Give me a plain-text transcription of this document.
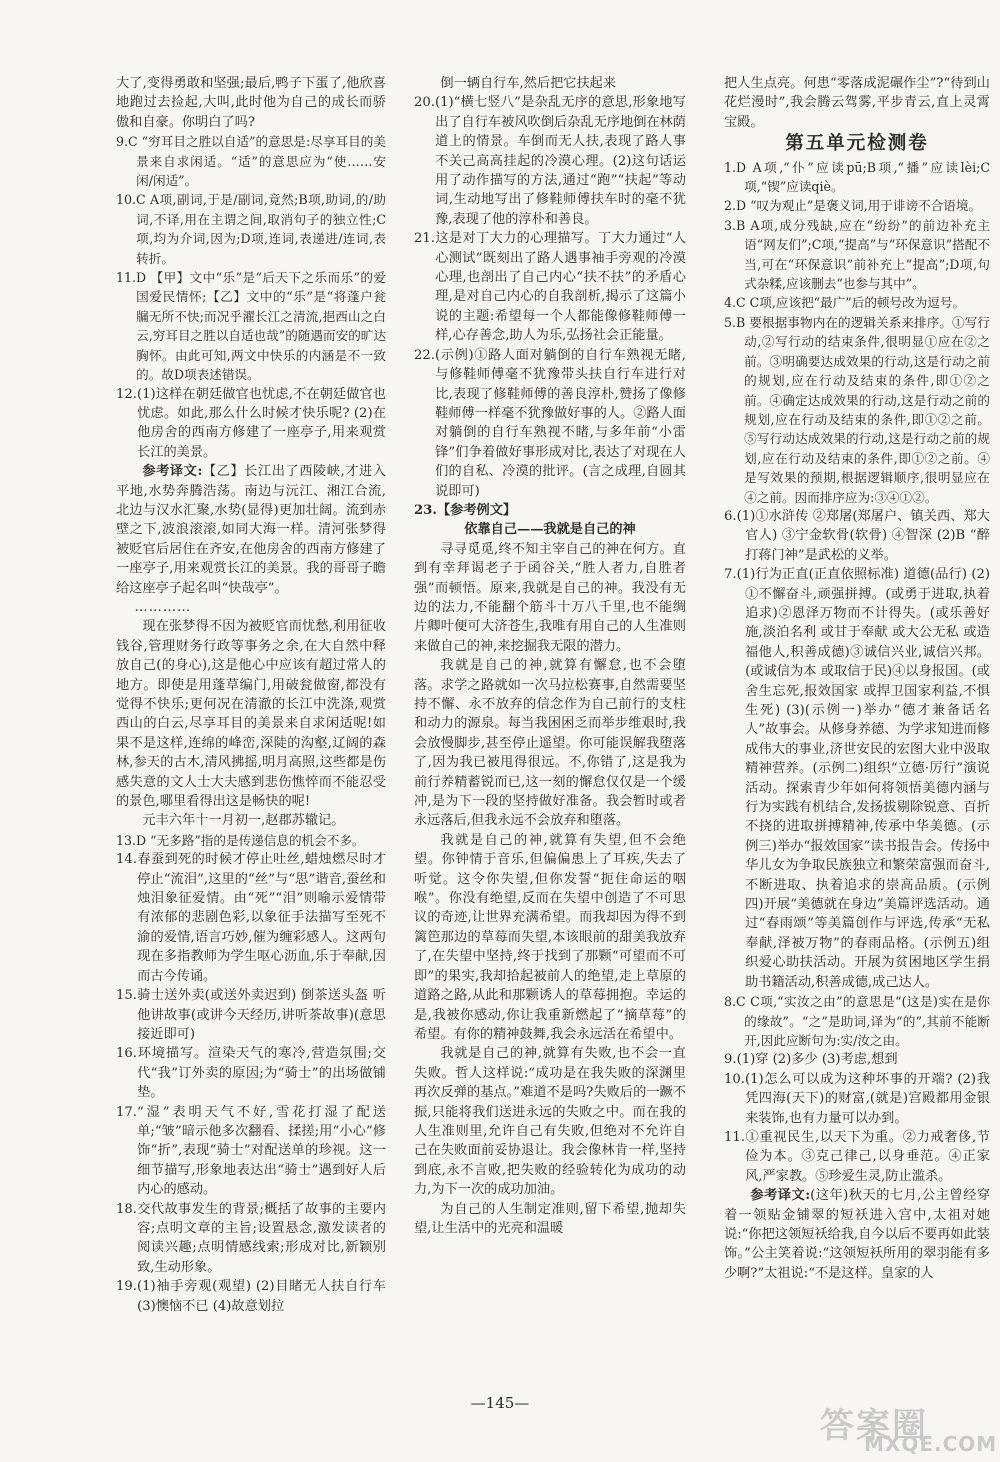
大了,变得勇敢和坚强;最后,鸭子下蛋了,他欣喜地跑过去捡起,大叫,此时他为自己的成长而骄傲和自豪。你明白了吗?

9.C “穷耳目之胜以自适”的意思是:尽享耳目的美景来自求闲适。“适”的意思应为“使……安闲/闲适”。

10.C A项,副词,于是/副词,竟然;B项,助词,的/助词,不译,用在主谓之间,取消句子的独立性;C项,均为介词,因为;D项,连词,表递进/连词,表转折。

11.D 【甲】文中“乐”是“后天下之乐而乐”的爱国爱民情怀;【乙】文中的“乐”是“将蓬户瓮牖无所不快;而况乎濯长江之清流,挹西山之白云,穷耳目之胜以自适也哉”的随遇而安的旷达胸怀。由此可知,两文中快乐的内涵是不一致的。故D项表述错误。

12.(1)这样在朝廷做官也忧虑,不在朝廷做官也忧虑。如此,那么什么时候才快乐呢? (2)在他房舍的西南方修建了一座亭子,用来观赏长江的美景。

参考译文:【乙】长江出了西陵峡,才进入平地,水势奔腾浩荡。南边与沅江、湘江合流,北边与汉水汇聚,水势(显得)更加壮阔。流到赤壁之下,波浪滚滚,如同大海一样。清河张梦得被贬官后居住在齐安,在他房舍的西南方修建了一座亭子,用来观赏长江的美景。我的哥哥子瞻给这座亭子起名叫“快哉亭”。

…………

现在张梦得不因为被贬官而忧愁,利用征收钱谷,管理财务行政等事务之余,在大自然中释放自己(的身心),这是他心中应该有超过常人的地方。即使是用蓬草编门,用破瓮做窗,都没有觉得不快乐;更何况在清澈的长江中洗涤,观赏西山的白云,尽享耳目的美景来自求闲适呢!如果不是这样,连绵的峰峦,深陡的沟壑,辽阔的森林,参天的古木,清风拂摇,明月高照,这些都是伤感失意的文人士大夫感到悲伤憔悴而不能忍受的景色,哪里看得出这是畅快的呢!

元丰六年十一月初一,赵郡苏辙记。

13.D “无多路”指的是传递信息的机会不多。

14.春蚕到死的时候才停止吐丝,蜡烛燃尽时才停止“流泪”,这里的“丝”与“思”谐音,蚕丝和烛泪象征爱情。由“死”“泪”则喻示爱情带有浓郁的悲剧色彩,以象征手法描写至死不渝的爱情,语言巧妙,催为缠彩感人。这两句现在多指教师为学生呕心沥血,乐于奉献,因而古今传诵。

15.骑士送外卖(或送外卖迟到) 倒茶送头盔 听他讲故事(或讲今天经历,讲听茶故事)(意思接近即可)

16.环境描写。渲染天气的寒冷,营造氛围;交代“我”订外卖的原因;为“骑士”的出场做铺垫。

17.“湿”表明天气不好,雪花打湿了配送单;“皱”暗示他多次翻看、揉搓;用“小心”修饰“折”,表现“骑士”对配送单的珍视。这一细节描写,形象地表达出“骑士”遇到好人后内心的感动。

18.交代故事发生的背景;概括了故事的主要内容;点明文章的主旨;设置悬念,激发读者的阅读兴趣;点明情感线索;形成对比,新颖别致,生动形象。

19.(1)袖手旁观(观望) (2)目睹无人扶自行车 (3)懊恼不已 (4)故意划拉

倒一辆自行车,然后把它扶起来

20.(1)“横七竖八”是杂乱无序的意思,形象地写出了自行车被风吹倒后杂乱无序地倒在林荫道上的情景。车倒而无人扶,表现了路人事不关己高高挂起的冷漠心理。(2)这句话运用了动作描写的方法,通过“跑”“扶起”等动词,生动地写出了修鞋师傅扶车时的毫不犹豫,表现了他的淳朴和善良。

21.这是对丁大力的心理描写。丁大力通过“人心测试”既刻出了路人遇事袖手旁观的冷漠心理,也剖出了自己内心“扶不扶”的矛盾心理,是对自己内心的自我剖析,揭示了这篇小说的主题:希望每一个人都能像修鞋师傅一样,心存善念,助人为乐,弘扬社会正能量。

22.(示例)①路人面对躺倒的自行车熟视无睹,与修鞋师傅毫不犹豫带头扶自行车进行对比,表现了修鞋师傅的善良淳朴,赞扬了像修鞋师傅一样毫不犹豫做好事的人。②路人面对躺倒的自行车熟视不睹,与多年前“小雷锋”们争着做好事形成对比,表达了对现在人们的自私、冷漠的批评。(言之成理,自圆其说即可)

23.【参考例文】

依靠自己——我就是自己的神

寻寻觅觅,终不知主宰自己的神在何方。直到有幸拜谒老子于函谷关,“胜人者力,自胜者强”而顿悟。原来,我就是自己的神。我没有无边的法力,不能翻个筋斗十万八千里,也不能绸片卿叶便可大济苍生,我唯有用自己的人生准则来做自己的神,来挖掘我无限的潜力。

我就是自己的神,就算有懈怠,也不会堕落。求学之路就如一次马拉松赛事,自然需要坚持不懈、永不放弃的信念作为自己前行的支柱和动力的源泉。每当我困困乏而举步维艰时,我会放慢脚步,甚至停止遥望。你可能误解我堕落了,因为我已被甩得很远。不,你错了,这是我为前行养精蓄锐而已,这一刻的懈怠仅仅是一个缓冲,是为下一段的坚持做好准备。我会暂时或者永远落后,但我永远不会放弃和堕落。

我就是自己的神,就算有失望,但不会绝望。你钟情于音乐,但偏偏患上了耳疾,失去了听觉。这令你失望,但你发誓“扼住命运的咽喉”。你没有绝望,反而在失望中创造了不可思议的奇迹,让世界充满希望。而我却因为得不到篱笆那边的草莓而失望,本该眼前的甜美我放弃了,在失望中坚持,终于找到了那颗“可望而不可即”的果实,我却拾起被前人的绝望,走上草原的道路之路,从此和那颗诱人的草莓拥抱。幸运的是,我被你感动,你让我重新燃起了“摘草莓”的希望。有你的精神鼓舞,我会永远活在希望中。

我就是自己的神,就算有失败,也不会一直失败。哲人这样说:“成功是在我失败的深渊里再次反弹的基点。”难道不是吗?失败后的一蹶不振,只能将我们送进永远的失败之中。而在我的人生准则里,允许自己有失败,但绝对不允许自己在失败面前妥协退让。我会像林肯一样,坚持到底,永不言败,把失败的经验转化为成功的动力,为下一次的成功加油。

为自己的人生制定准则,留下希望,抛却失望,让生活中的光亮和温暖

把人生点亮。何患“零落成泥碾作尘”?“待到山花烂漫时”,我会腾云驾雾,平步青云,直上灵霄宝殿。

第五单元检测卷

1.D A项,“仆”应读pū;B项,“播”应读lèi;C项,“锲”应读qiè。

2.D “叹为观止”是褒义词,用于诽谤不合语境。

3.B A项,成分残缺,应在“纷纷”的前边补充主语“网友们”;C项,“提高”与“环保意识”搭配不当,可在“环保意识”前补充上“提高”;D项,句式杂糅,应该删去“也参与其中”。

4.C C项,应该把“最广”后的顿号改为逗号。

5.B 要根据事物内在的逻辑关系来排序。①写行动,②写行动的结束条件,很明显①应在②之前。③明确要达成效果的行动,这是行动之前的规划,应在行动及结束的条件,即①②之前。④确定达成效果的行动,这是行动之前的规划,应在行动及结束的条件,即①②之前。⑤写行动达成效果的行动,这是行动之前的规划,应在行动及结束的条件,即①②之前。④是写效果的预期,根据逻辑顺序,很明显应在④之前。因而排序应为:③④①②。

6.(1)①水浒传 ②郑屠(郑屠户、镇关西、郑大官人) ③宁金软骨(软骨) ④智深 (2)B “醉打蒋门神”是武松的义举。

7.(1)行为正直(正直依照标准) 道德(品行) (2)①不懈奋斗,顽强拼搏。(或勇于进取,执着追求)②恩泽万物而不计得失。(或乐善好施,淡泊名利 或甘于奉献 或大公无私 或造福他人,积善成德)③诚信兴业,诚信兴邦。(或诚信为本 或取信于民)④以身报国。(或舍生忘死,报效国家 或捍卫国家利益,不惧生死) (3)(示例一)举办“德才兼备话名人”故事会。从修身养德、为学求知进而修成伟大的事业,济世安民的宏图大业中汲取精神营养。(示例二)组织“立德·厉行”演说活动。探索青少年如何将领悟美德内涵与行为实践有机结合,发扬拔剔除锐意、百折不挠的进取拼搏精神,传承中华美德。(示例三)举办“报效国家”读书报告会。传扬中华儿女为争取民族独立和繁荣富强而奋斗,不断进取、执着追求的崇高品质。(示例四)开展“美德就在身边”美篇评选活动。通过“春雨颂”等美篇创作与评选,传承“无私奉献,泽被万物”的春雨品格。(示例五)组织爱心助扶活动。开展为贫困地区学生捐助书籍活动,积善成德,成己达人。

8.C C项,“实汝之由”的意思是“(这是)实在是你的缘故”。“之”是助词,译为“的”,其前不能断开,因此应断句为:实/汝之由。

9.(1)穿 (2)多少 (3)考虑,想到

10.(1)怎么可以成为这种坏事的开端? (2)我凭四海(天下)的财富,(就是)宫殿都用金银来装饰,也有力量可以办到。

11.①重视民生,以天下为重。②力戒奢侈,节俭为本。③克己律己,以身垂范。④正家风,严家教。⑤珍爱生灵,防止滥杀。

参考译文:(这年)秋天的七月,公主曾经穿着一领贴金铺翠的短袄进入宫中,太祖对她说:“你把这领短袄给我,自今以后不要再如此装饰。”公主笑着说:“这领短袄所用的翠羽能有多少啊?”太祖说:“不是这样。皇家的人

—145—
答案圈
MXQE.COM
